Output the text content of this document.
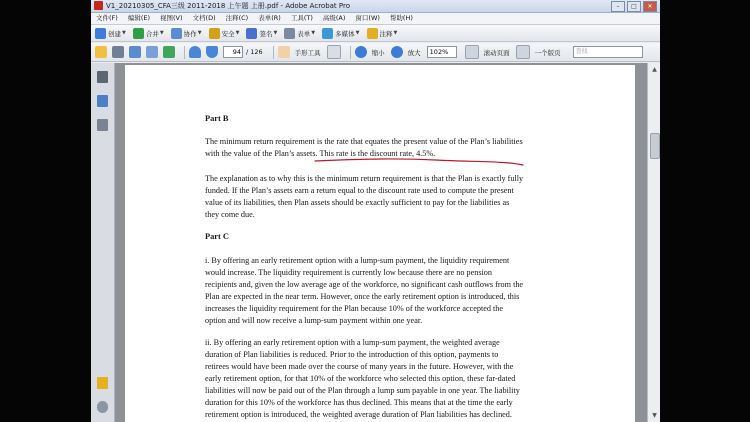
V1_20210305_CFA三级 2011-2018 上午题 上册.pdf - Adobe Acrobat Pro	–	□	✕
文件(F)	编辑(E)	视图(V)	文档(D)	注释(C)	表单(R)	工具(T)	高级(A)	窗口(W)	帮助(H)
创建 ▼	合并 ▼	协作 ▼	安全 ▼	签名 ▼	表单 ▼	多媒体 ▼	注释 ▼
94 / 126	手形工具	缩小	放大	102%	滚动页面	一个版页	查找
Part B
The minimum return requirement is the rate that equates the present value of the Plan’s liabilities
with the value of the Plan’s assets. This rate is the discount rate, 4.5%.
The explanation as to why this is the minimum return requirement is that the Plan is exactly fully
funded. If the Plan’s assets earn a return equal to the discount rate used to compute the present
value of its liabilities, then Plan assets should be exactly sufficient to pay for the liabilities as
they come due.
Part C
i. By offering an early retirement option with a lump-sum payment, the liquidity requirement
would increase. The liquidity requirement is currently low because there are no pension
recipients and, given the low average age of the workforce, no significant cash outflows from the
Plan are expected in the near term. However, once the early retirement option is introduced, this
increases the liquidity requirement for the Plan because 10% of the workforce accepted the
option and will now receive a lump-sum payment within one year.
ii. By offering an early retirement option with a lump-sum payment, the weighted average
duration of Plan liabilities is reduced. Prior to the introduction of this option, payments to
retirees would have been made over the course of many years in the future. However, with the
early retirement option, for that 10% of the workforce who selected this option, these far-dated
liabilities will now be paid out of the Plan through a lump sum payable in one year. The liability
duration for this 10% of the workforce has thus declined. This means that at the time the early
retirement option is introduced, the weighted average duration of Plan liabilities has declined.
▲
▼
